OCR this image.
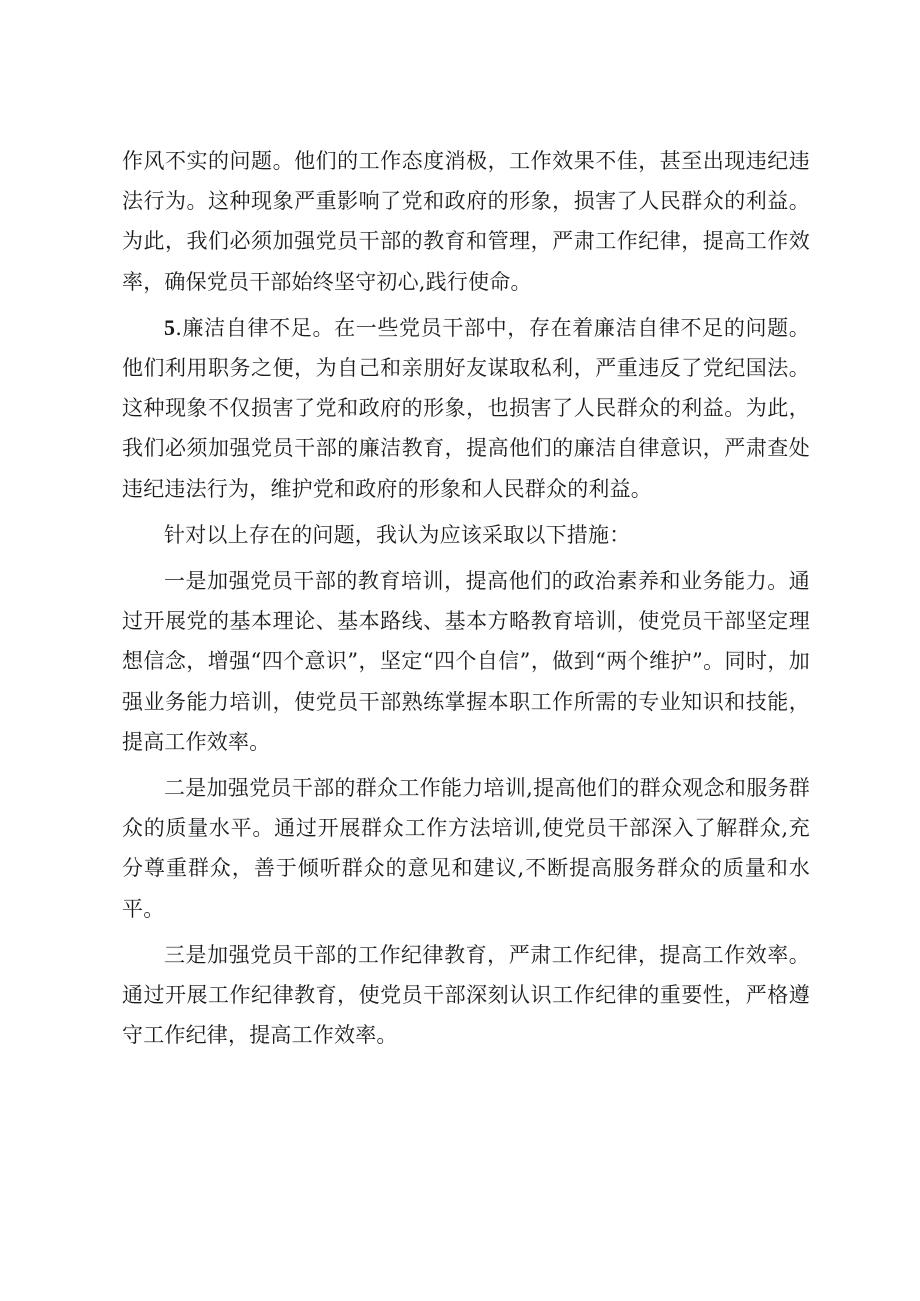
作风不实的问题。他们的工作态度消极，工作效果不佳，甚至出现违纪违法行为。这种现象严重影响了党和政府的形象，损害了人民群众的利益。为此，我们必须加强党员干部的教育和管理，严肃工作纪律，提高工作效率，确保党员干部始终坚守初心,践行使命。

5.廉洁自律不足。在一些党员干部中，存在着廉洁自律不足的问题。他们利用职务之便，为自己和亲朋好友谋取私利，严重违反了党纪国法。这种现象不仅损害了党和政府的形象，也损害了人民群众的利益。为此，我们必须加强党员干部的廉洁教育，提高他们的廉洁自律意识，严肃查处违纪违法行为，维护党和政府的形象和人民群众的利益。

针对以上存在的问题，我认为应该采取以下措施：

一是加强党员干部的教育培训，提高他们的政治素养和业务能力。通过开展党的基本理论、基本路线、基本方略教育培训，使党员干部坚定理想信念，增强“四个意识”，坚定“四个自信”，做到“两个维护”。同时，加强业务能力培训，使党员干部熟练掌握本职工作所需的专业知识和技能，提高工作效率。

二是加强党员干部的群众工作能力培训,提高他们的群众观念和服务群众的质量水平。通过开展群众工作方法培训,使党员干部深入了解群众,充分尊重群众，善于倾听群众的意见和建议,不断提高服务群众的质量和水平。

三是加强党员干部的工作纪律教育，严肃工作纪律，提高工作效率。通过开展工作纪律教育，使党员干部深刻认识工作纪律的重要性，严格遵守工作纪律，提高工作效率。
